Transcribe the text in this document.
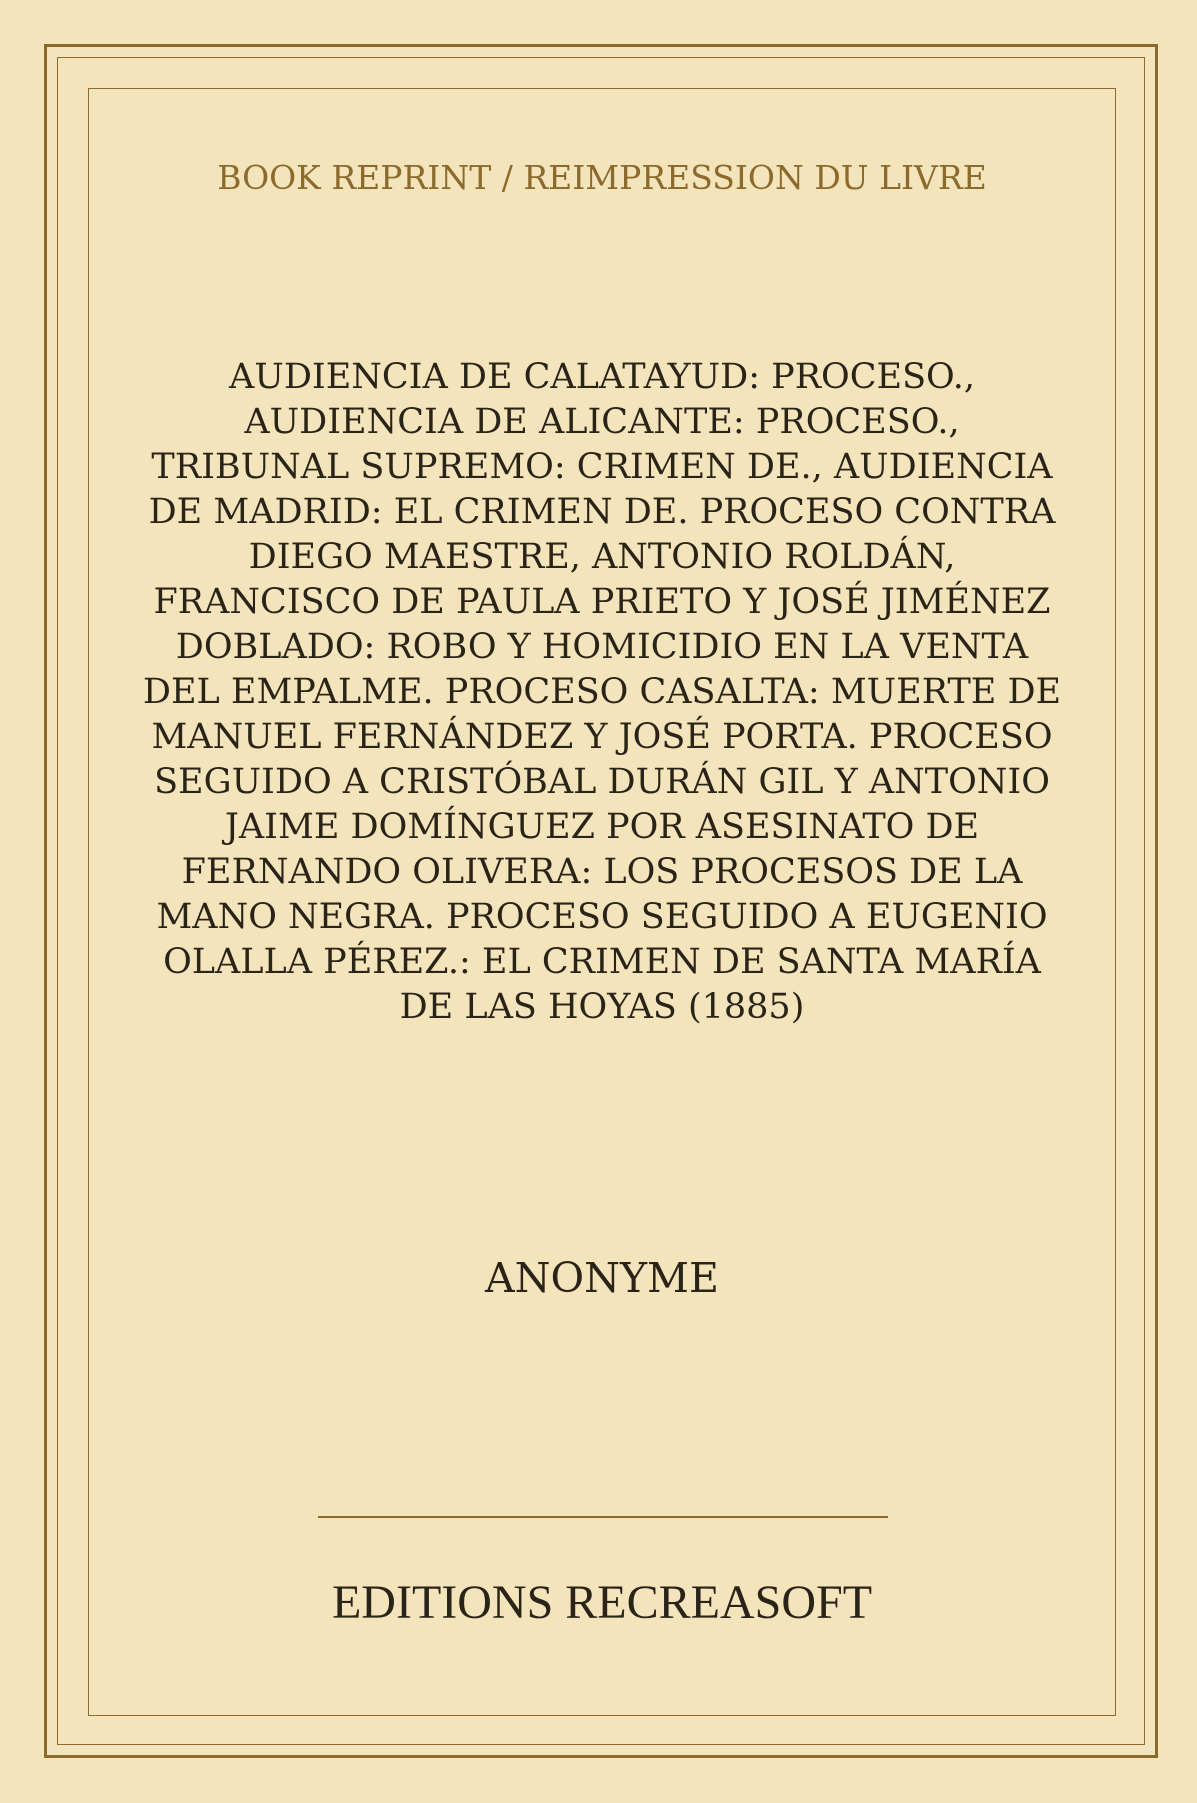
BOOK REPRINT / REIMPRESSION DU LIVRE
AUDIENCIA DE CALATAYUD: PROCESO., AUDIENCIA DE ALICANTE: PROCESO., TRIBUNAL SUPREMO: CRIMEN DE., AUDIENCIA DE MADRID: EL CRIMEN DE. PROCESO CONTRA DIEGO MAESTRE, ANTONIO ROLDÁN, FRANCISCO DE PAULA PRIETO Y JOSÉ JIMÉNEZ DOBLADO: ROBO Y HOMICIDIO EN LA VENTA DEL EMPALME. PROCESO CASALTA: MUERTE DE MANUEL FERNÁNDEZ Y JOSÉ PORTA. PROCESO SEGUIDO A CRISTÓBAL DURÁN GIL Y ANTONIO JAIME DOMÍNGUEZ POR ASESINATO DE FERNANDO OLIVERA: LOS PROCESOS DE LA MANO NEGRA. PROCESO SEGUIDO A EUGENIO OLALLA PÉREZ.: EL CRIMEN DE SANTA MARÍA DE LAS HOYAS (1885)
ANONYME
EDITIONS RECREASOFT
